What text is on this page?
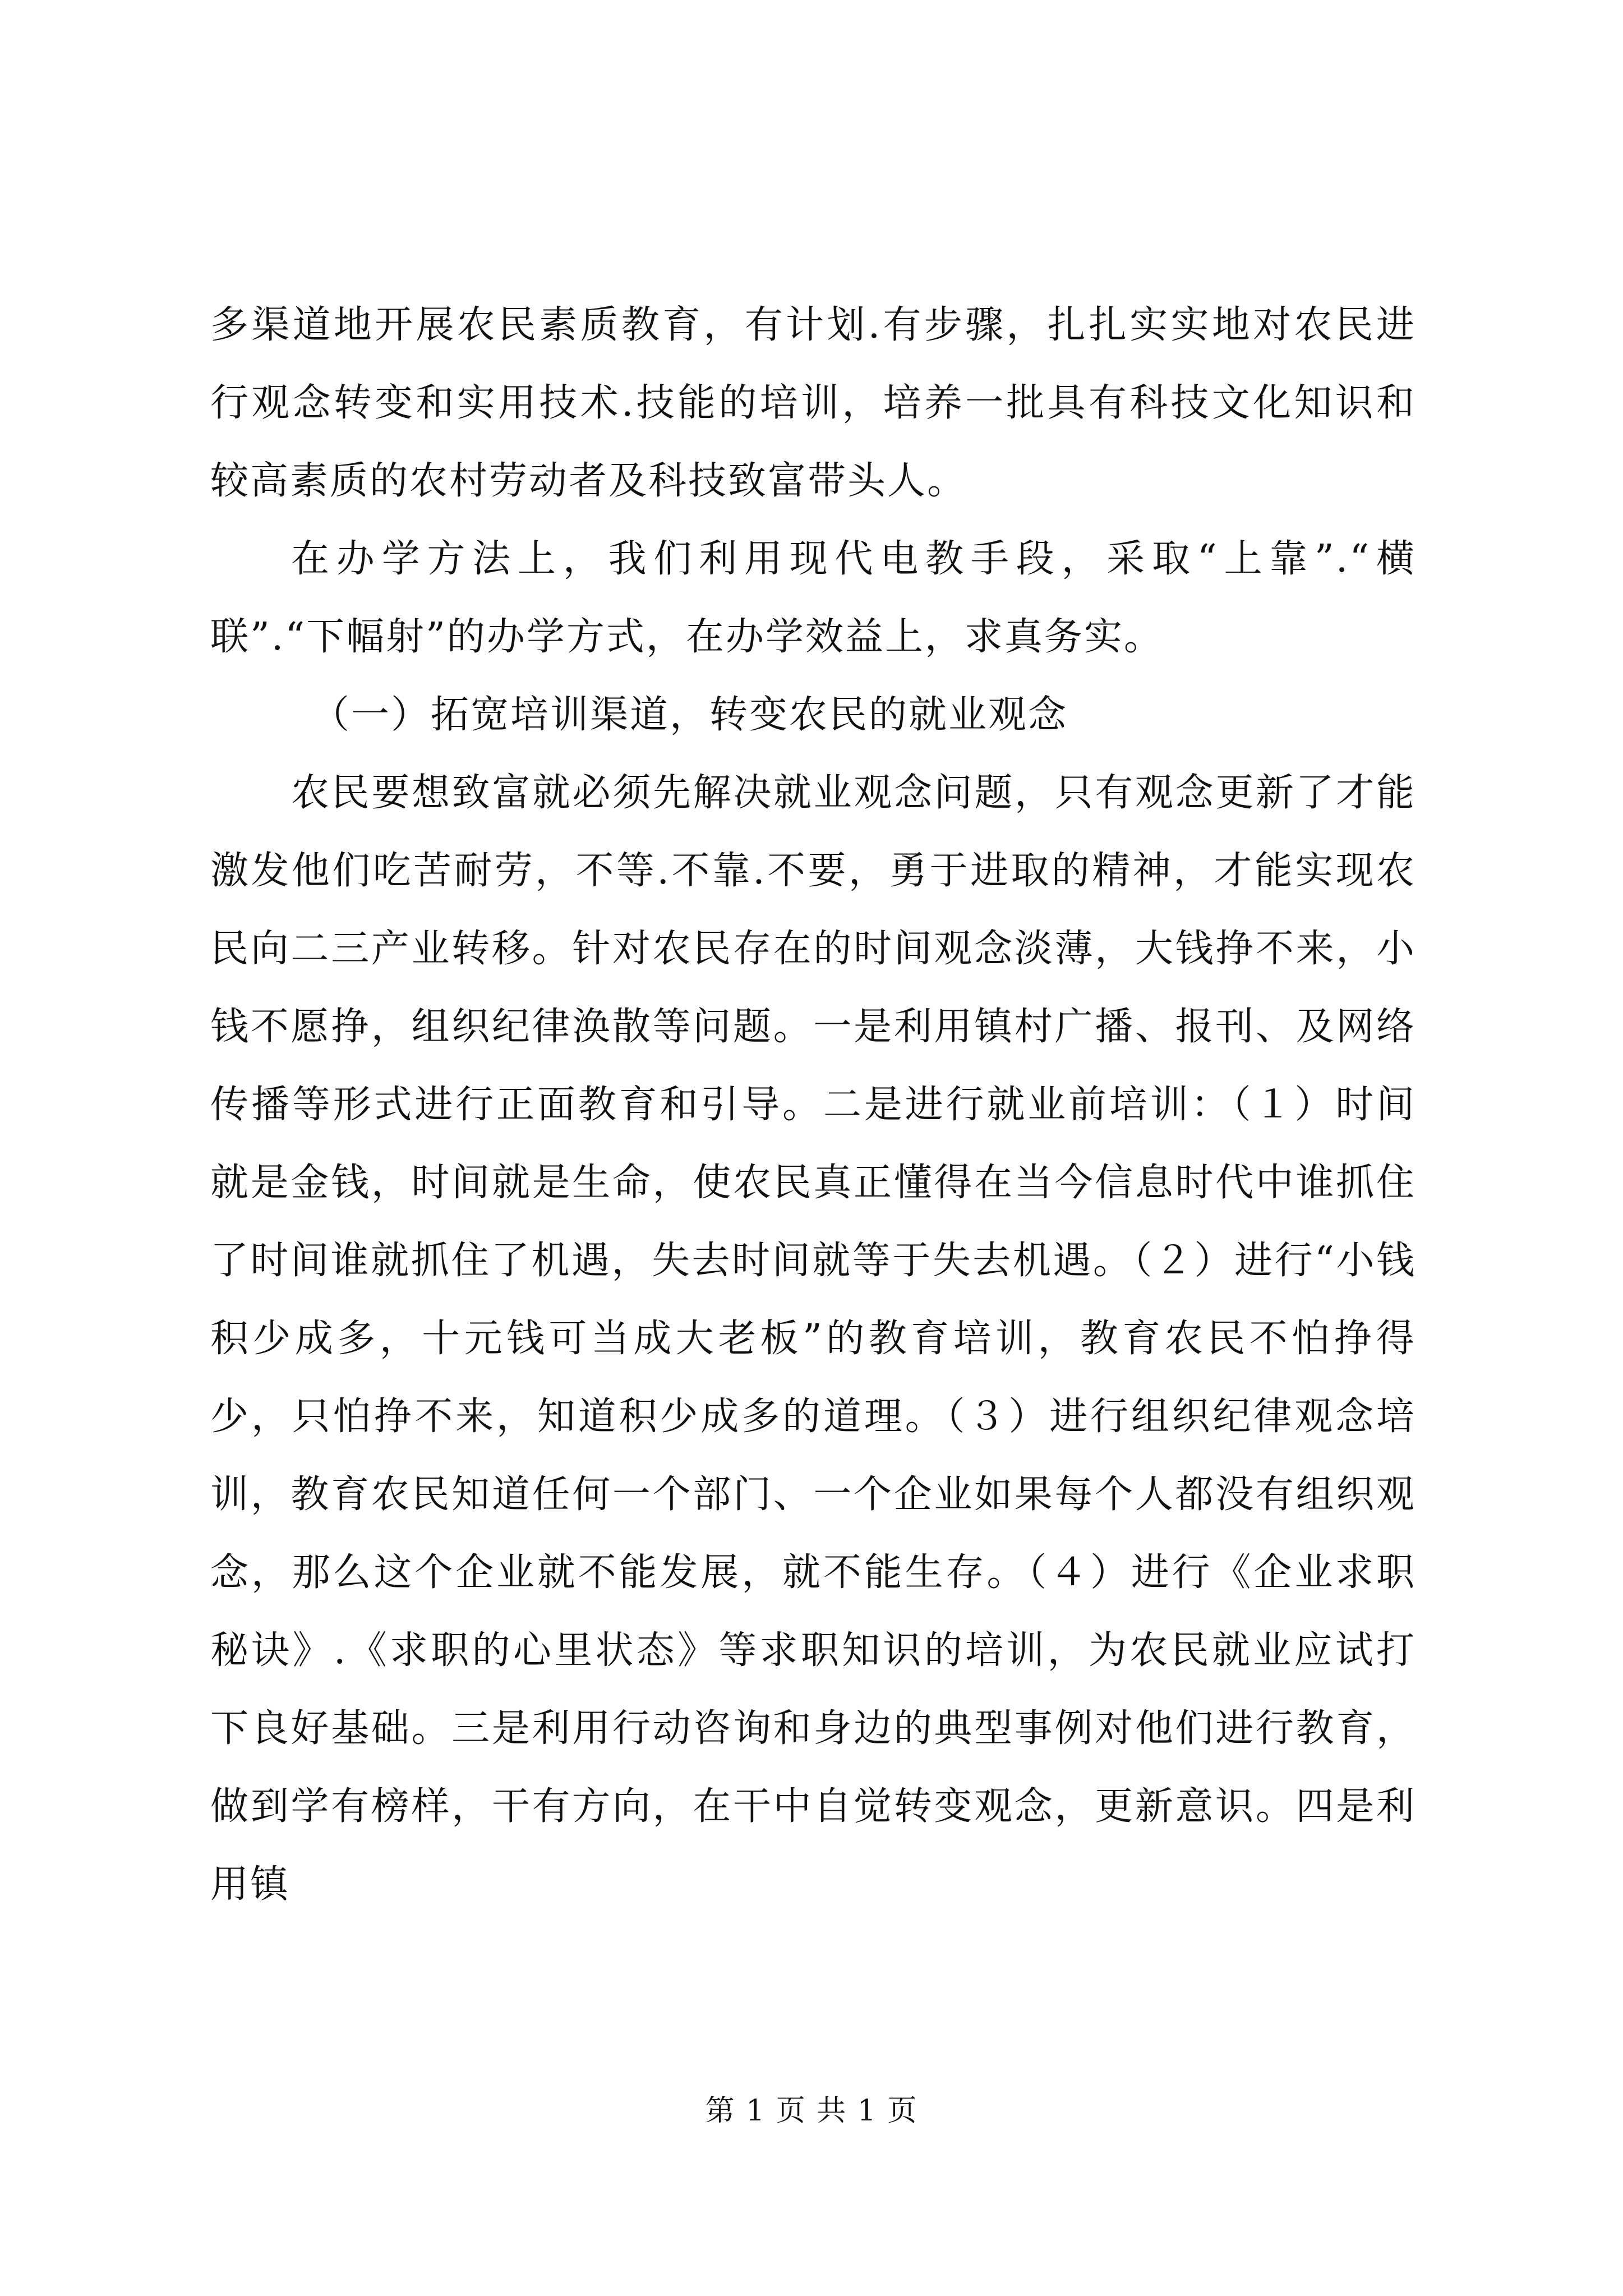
多渠道地开展农民素质教育，有计划.有步骤，扎扎实实地对农民进行观念转变和实用技术.技能的培训，培养一批具有科技文化知识和较高素质的农村劳动者及科技致富带头人。

在办学方法上，我们利用现代电教手段，采取“上靠”.“横联”.“下幅射”的办学方式，在办学效益上，求真务实。

（一）拓宽培训渠道，转变农民的就业观念

农民要想致富就必须先解决就业观念问题，只有观念更新了才能激发他们吃苦耐劳，不等.不靠.不要，勇于进取的精神，才能实现农民向二三产业转移。针对农民存在的时间观念淡薄，大钱挣不来，小钱不愿挣，组织纪律涣散等问题。一是利用镇村广播、报刊、及网络传播等形式进行正面教育和引导。二是进行就业前培训：（１）时间就是金钱，时间就是生命，使农民真正懂得在当今信息时代中谁抓住了时间谁就抓住了机遇，失去时间就等于失去机遇。（２）进行“小钱积少成多，十元钱可当成大老板”的教育培训，教育农民不怕挣得少，只怕挣不来，知道积少成多的道理。（３）进行组织纪律观念培训，教育农民知道任何一个部门、一个企业如果每个人都没有组织观念，那么这个企业就不能发展，就不能生存。（４）进行《企业求职秘诀》.《求职的心里状态》等求职知识的培训，为农民就业应试打下良好基础。三是利用行动咨询和身边的典型事例对他们进行教育，做到学有榜样，干有方向，在干中自觉转变观念，更新意识。四是利用镇

第 1 页 共 1 页
